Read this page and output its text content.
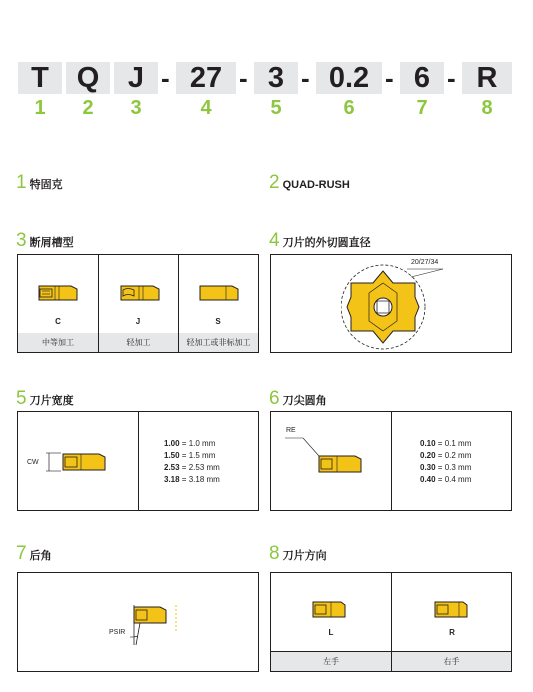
T Q J - 27 - 3 - 0.2 - 6 - R
1	2	3	4	5	6	7	8
1 特固克	2 QUAD-RUSH
3 断屑槽型
C	J	S
中等加工	轻加工	轻加工或非标加工
4 刀片的外切圆直径
20/27/34
5 刀片宽度
CW
1.00 = 1.0 mm
1.50 = 1.5 mm
2.53 = 2.53 mm
3.18 = 3.18 mm
6 刀尖圆角
RE
0.10 = 0.1 mm
0.20 = 0.2 mm
0.30 = 0.3 mm
0.40 = 0.4 mm
7 后角
PSIR
8 刀片方向
L	R
左手	右手
